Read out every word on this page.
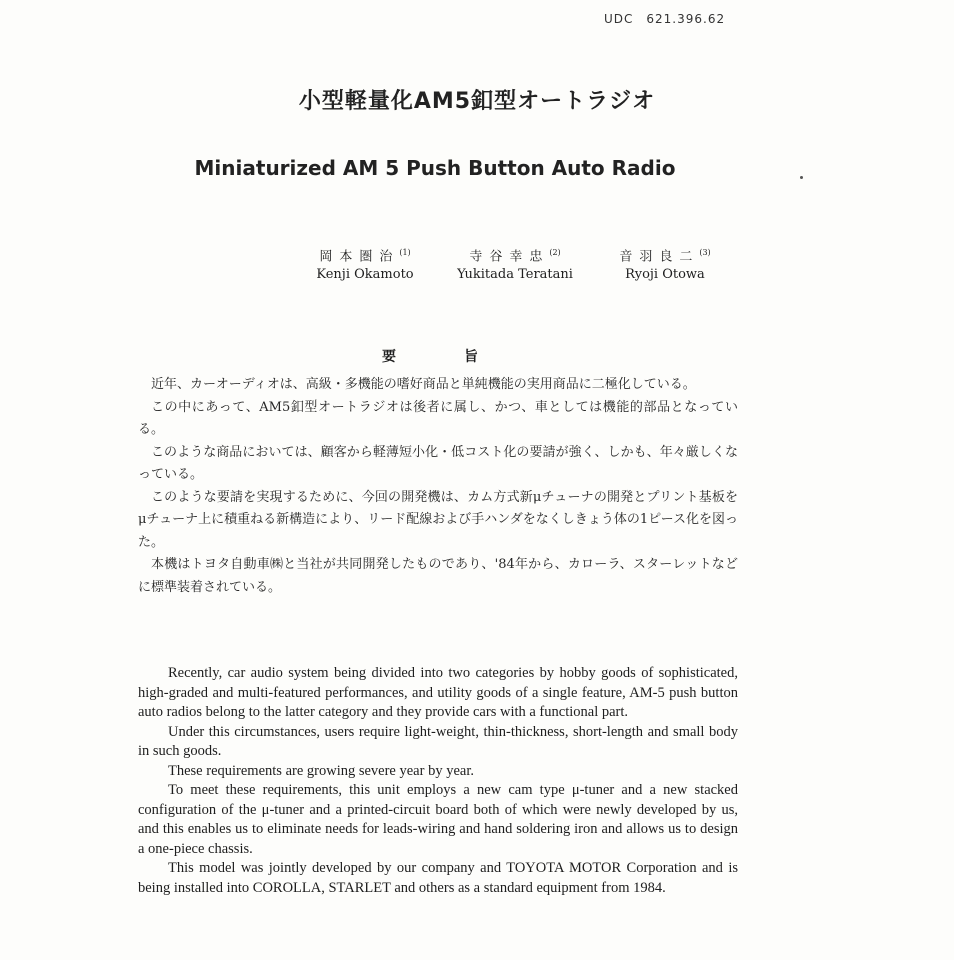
UDC　621.396.62
小型軽量化AM5釦型オートラジオ
Miniaturized AM 5 Push Button Auto Radio
岡本圏治$^{(1)}$
Kenji Okamoto
寺谷幸忠$^{(2)}$
Yukitada Teratani
音羽良二$^{(3)}$
Ryoji Otowa
要	旨

近年、カーオーディオは、高級・多機能の嗜好商品と単純機能の実用商品に二極化している。

この中にあって、AM5釦型オートラジオは後者に属し、かつ、車としては機能的部品となっている。

このような商品においては、顧客から軽薄短小化・低コスト化の要請が強く、しかも、年々厳しくなっている。

このような要請を実現するために、今回の開発機は、カム方式新μチューナの開発とプリント基板をμチューナ上に積重ねる新構造により、リード配線および手ハンダをなくしきょう体の1ピース化を図った。

本機はトヨタ自動車㈱と当社が共同開発したものであり、'84年から、カローラ、スターレットなどに標準装着されている。

Recently, car audio system being divided into two categories by hobby goods of sophisticated, high-graded and multi-featured performances, and utility goods of a single feature, AM-5 push button auto radios belong to the latter category and they provide cars with a functional part.

Under this circumstances, users require light-weight, thin-thickness, short-length and small body in such goods.

These requirements are growing severe year by year.

To meet these requirements, this unit employs a new cam type μ-tuner and a new stacked configuration of the μ-tuner and a printed-circuit board both of which were newly developed by us, and this enables us to eliminate needs for leads-wiring and hand soldering iron and allows us to design a one-piece chassis.

This model was jointly developed by our company and TOYOTA MOTOR Corporation and is being installed into COROLLA, STARLET and others as a standard equipment from 1984.
